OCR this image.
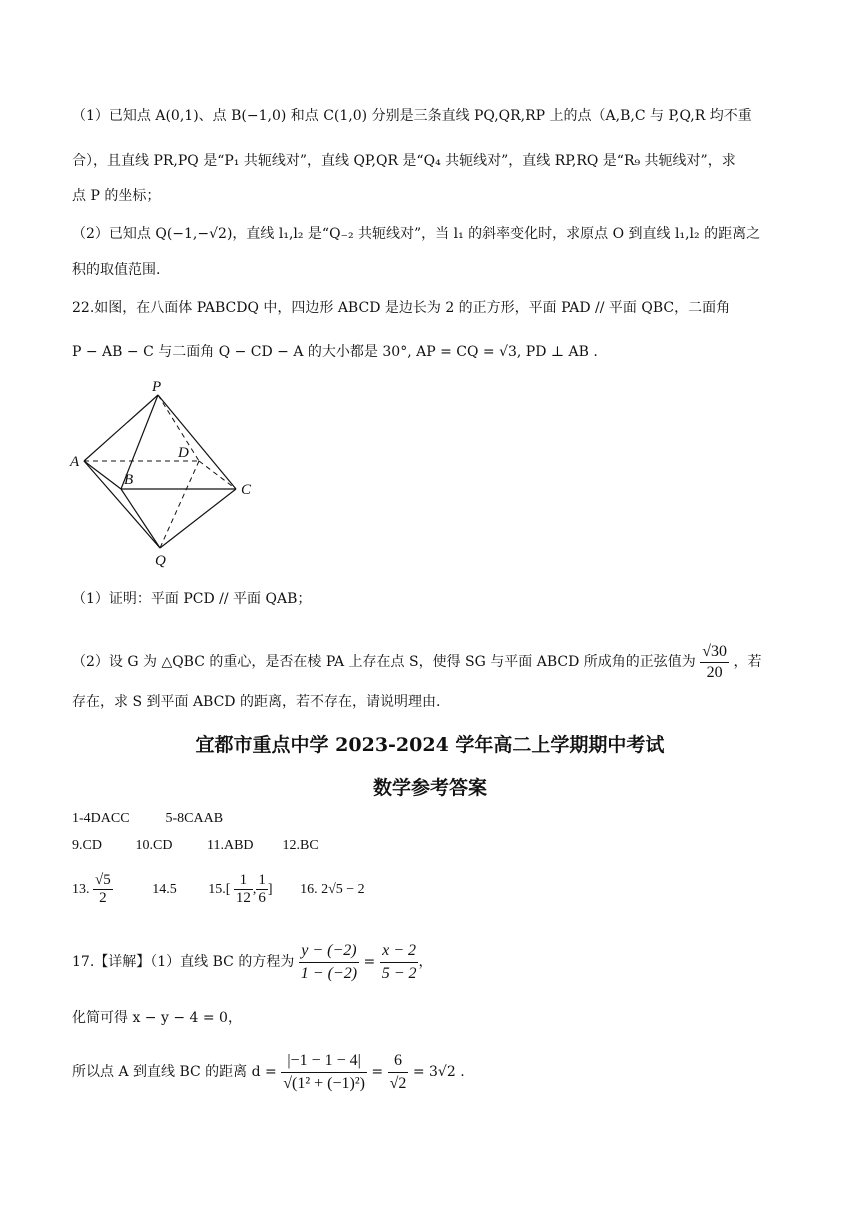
（1）已知点 A(0,1)、点 B(−1,0) 和点 C(1,0) 分别是三条直线 PQ,QR,RP 上的点（A,B,C 与 P,Q,R 均不重
合），且直线 PR,PQ 是“P₁ 共轭线对”，直线 QP,QR 是“Q₄ 共轭线对”，直线 RP,RQ 是“R₉ 共轭线对”，求
点 P 的坐标；
（2）已知点 Q(−1,−√2)，直线 l₁,l₂ 是“Q₋₂ 共轭线对”，当 l₁ 的斜率变化时，求原点 O 到直线 l₁,l₂ 的距离之
积的取值范围.
22.如图，在八面体 PABCDQ 中，四边形 ABCD 是边长为 2 的正方形，平面 PAD // 平面 QBC，二面角
P − AB − C 与二面角 Q − CD − A 的大小都是 30°, AP = CQ = √3, PD ⊥ AB .
P
A
D
B
C
Q
（1）证明：平面 PCD // 平面 QAB；
（2）设 G 为 △QBC 的重心，是否在棱 PA 上存在点 S，使得 SG 与平面 ABCD 所成角的正弦值为 $\frac{√30}{20}$ ，若
存在，求 S 到平面 ABCD 的距离，若不存在，请说明理由.
宜都市重点中学 2023-2024 学年高二上学期期中考试
数学参考答案
1-4DACC	5-8CAAB
9.CD 10.CD 11.ABD 12.BC
13. $\frac{√5}{2}$	14.5 $15.[ \frac{1}{12}$ , $\frac{1}{6}$ ] 16. 2√5 − 2
17.【详解】（1）直线 BC 的方程为 $\frac{y - (-2)}{1 - (-2)} = \frac{x - 2}{5 - 2}$ ，
化简可得 x − y − 4 = 0，
所以点 A 到直线 BC 的距离 $d = \frac{|-1 - 1 - 4|}{\text{√(1² + (−1)²)}} = \frac{6}{√2} = 3√2$ .
